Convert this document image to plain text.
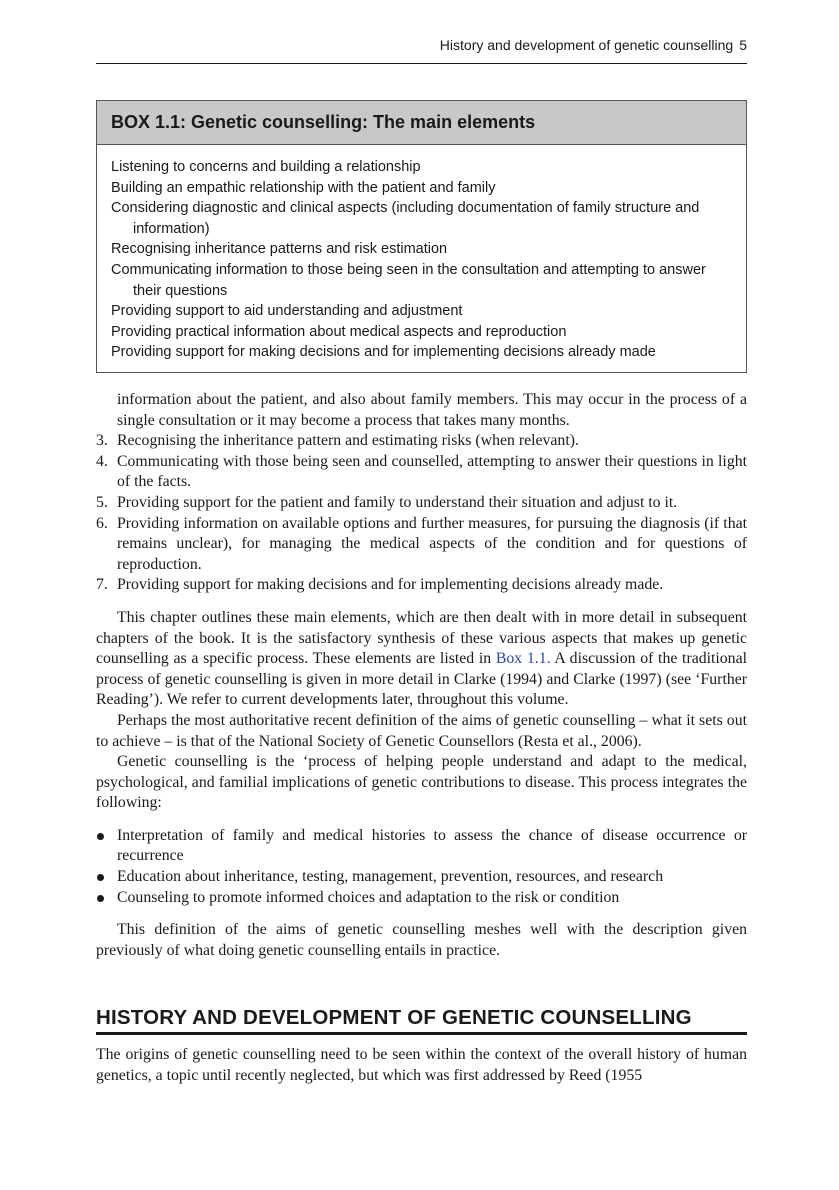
History and development of genetic counselling 5
BOX 1.1: Genetic counselling: The main elements
Listening to concerns and building a relationship
Building an empathic relationship with the patient and family
Considering diagnostic and clinical aspects (including documentation of family structure and information)
Recognising inheritance patterns and risk estimation
Communicating information to those being seen in the consultation and attempting to answer their questions
Providing support to aid understanding and adjustment
Providing practical information about medical aspects and reproduction
Providing support for making decisions and for implementing decisions already made

information about the patient, and also about family members. This may occur in the process of a single consultation or it may become a process that takes many months.

3. Recognising the inheritance pattern and estimating risks (when relevant).
4. Communicating with those being seen and counselled, attempting to answer their questions in light of the facts.
5. Providing support for the patient and family to understand their situation and adjust to it.
6. Providing information on available options and further measures, for pursuing the diagnosis (if that remains unclear), for managing the medical aspects of the condition and for questions of reproduction.
7. Providing support for making decisions and for implementing decisions already made.

This chapter outlines these main elements, which are then dealt with in more detail in subsequent chapters of the book. It is the satisfactory synthesis of these various aspects that makes up genetic counselling as a specific process. These elements are listed in Box 1.1. A discussion of the traditional process of genetic counselling is given in more detail in Clarke (1994) and Clarke (1997) (see ‘Further Reading’). We refer to current developments later, throughout this volume.

Perhaps the most authoritative recent definition of the aims of genetic counselling – what it sets out to achieve – is that of the National Society of Genetic Counsellors (Resta et al., 2006).

Genetic counselling is the ‘process of helping people understand and adapt to the medical, psychological, and familial implications of genetic contributions to disease. This process integrates the following:

Interpretation of family and medical histories to assess the chance of disease occurrence or recurrence
Education about inheritance, testing, management, prevention, resources, and research
Counseling to promote informed choices and adaptation to the risk or condition

This definition of the aims of genetic counselling meshes well with the description given previously of what doing genetic counselling entails in practice.

HISTORY AND DEVELOPMENT OF GENETIC COUNSELLING

The origins of genetic counselling need to be seen within the context of the overall history of human genetics, a topic until recently neglected, but which was first addressed by Reed (1955
